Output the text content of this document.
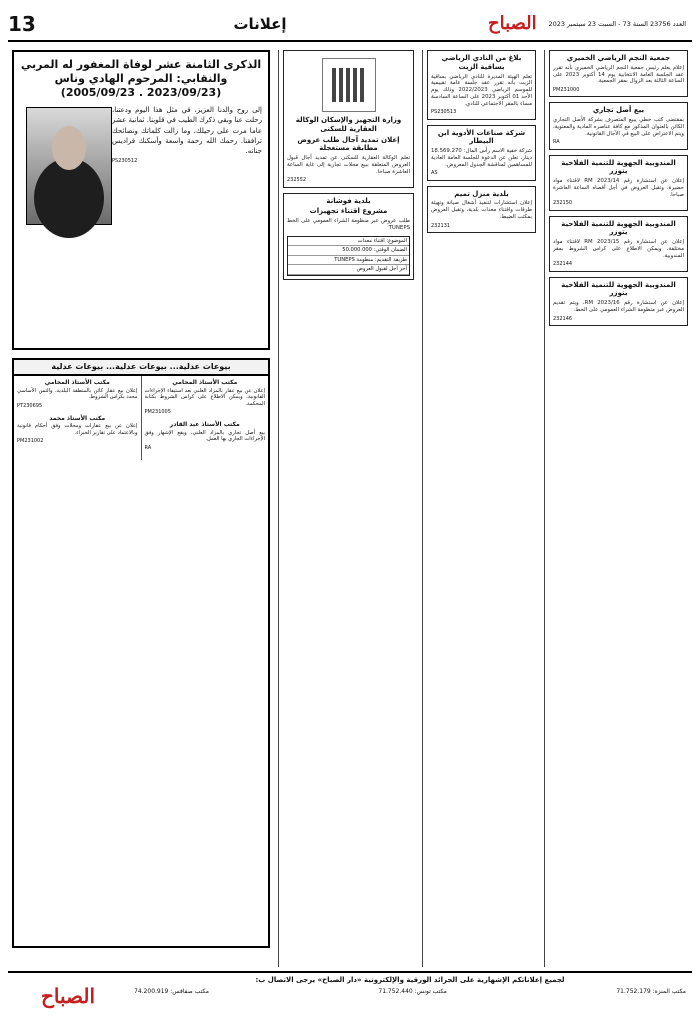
العدد 23756 السنة 73 - السبت 23 سبتمبر 2023
الصباح
إعلانات
13
جمعية النجم الرياضي الخميري

إعلام يعلم رئيس جمعية النجم الرياضي الخميري بأنه تقرر عقد الجلسة العامة الانتخابية يوم 14 أكتوبر 2023 على الساعة الثالثة بعد الزوال بمقر الجمعية.

PM231000
بيع أصل تجاري

بمقتضى كتب خطي يبيع المتصرف بشركة الأصل التجاري الكائن بالعنوان المذكور مع كافة عناصره المادية والمعنوية، ويتم الاعتراض على البيع في الآجال القانونية.

RA
المندوبية الجهوية للتنمية الفلاحية بتوزر

إعلان عن استشارة رقم 2023/14 RM لاقتناء مواد حضيرة، وتقبل العروض في أجل أقصاه الساعة العاشرة صباحا.

232150
المندوبية الجهوية للتنمية الفلاحية بتوزر

إعلان عن استشارة رقم 2023/15 RM لاقتناء مواد مختلفة، ويمكن الاطلاع على كراس الشروط بمقر المندوبية.

232144
المندوبية الجهوية للتنمية الفلاحية بتوزر

إعلان عن استشارة رقم 2023/16 RM، ويتم تقديم العروض عبر منظومة الشراء العمومي على الخط.

232146
بلاغ من النادي الرياضي بساقية الزيت

تعلم الهيئة المديرة للنادي الرياضي بساقية الزيت بأنه تقرر عقد جلسة عامة تقييمية للموسم الرياضي 2022/2023 وذلك يوم الأحد 01 أكتوبر 2023 على الساعة السادسة مساء بالمقر الاجتماعي للنادي.

PS230513
شركة صناعات الأدوية ابن البيطار

شركة خفية الاسم رأس المال: 18.569.270 دينار، تعلن عن الدعوة للجلسة العامة العادية للمساهمين لمناقشة الجدول المعروض.

AS
بلدية منزل تميم

إعلان استشارات لتنفيذ أشغال صيانة وتهيئة طرقات واقتناء معدات بلدية، وتقبل العروض بمكتب الضبط.

232131
وزارة التجهيز والإسكان الوكالة العقارية للسكنى
إعلان تمديد آجال طلب عروض مطابقة مستعجلة

تعلم الوكالة العقارية للسكنى عن تمديد آجال قبول العروض المتعلقة ببيع محلات تجارية إلى غاية الساعة العاشرة صباحا.

232552
بلدية فوشانة
مشروع اقتناء تجهيزات

طلب عروض عبر منظومة الشراء العمومي على الخط TUNEPS

الموضوع: اقتناء معدات
الضمان الوقتي: 50.000.000
طريقة التقديم: منظومة TUNEPS
آخر أجل لقبول العروض
الذكرى الثامنة عشر لوفاة المغفور له المربي والنقابي: المرحوم الهادي وناس (2023/09/23 . 2005/09/23)

إلى روح والدنا العزيز، في مثل هذا اليوم ودعتنا، رحلت عنا وبقي ذكرك الطيب في قلوبنا. ثمانية عشر عاما مرت على رحيلك، وما زالت كلماتك ونصائحك ترافقنا. رحمك الله رحمة واسعة وأسكنك فراديس جنانه.

PS230512
بيوعات عدلية... بيوعات عدلية... بيوعات عدلية
مكتب الأستاذ المحامي
إعلان عن بيع عقار بالمزاد العلني بعد استيفاء الإجراءات القانونية، ويمكن الاطلاع على كراس الشروط بكتابة المحكمة.
PM231005
مكتب الأستاذ عبد القادر
بيع أصل تجاري بالمزاد العلني، ويقع الإشهار وفق الإجراءات الجاري بها العمل.
RA
مكتب الأستاذ المحامي
إعلان بيع عقار كائن بالمنطقة البلدية، والثمن الأساسي محدد بكراس الشروط.
PT230695
مكتب الأستاذ محمد
إعلان عن بيع عقارات ومحلات وفق أحكام قانونية وبالاعتماد على تقارير الخبراء.
PM231002
لجميع إعلاناتكم الإشهارية على الجرائد الورقية والإلكترونية «دار الصباح» يرجى الاتصال ب:
مكتب المنزه: 71.752.179
مكتب تونس: 71.752.440
مكتب صفاقس: 74.200.919
الصباح
